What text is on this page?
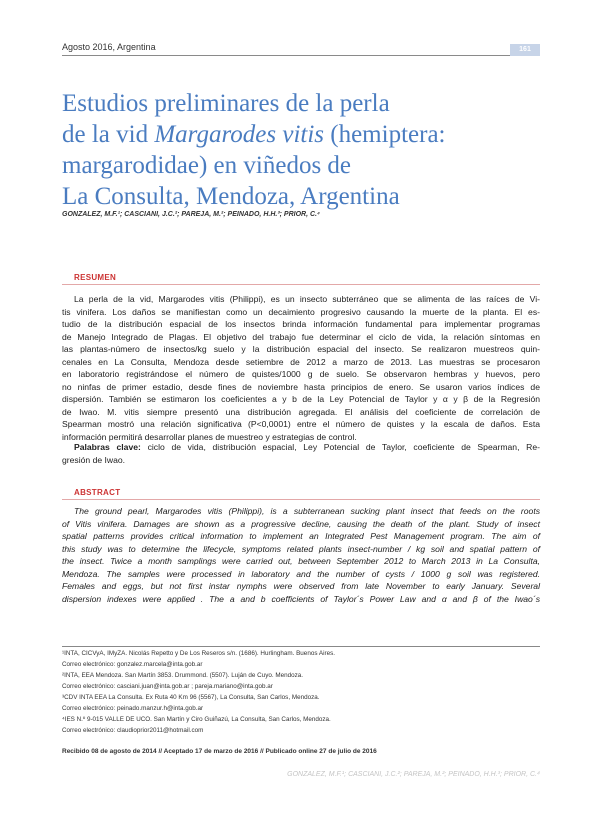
Agosto 2016, Argentina	161
Estudios preliminares de la perla
de la vid Margarodes vitis (hemiptera:
margarodidae) en viñedos de
La Consulta, Mendoza, Argentina
GONZALEZ, M.F.¹; CASCIANI, J.C.²; PAREJA, M.²; PEINADO, H.H.³; PRIOR, C.⁴
RESUMEN
La perla de la vid, Margarodes vitis (Philippi), es un insecto subterráneo que se alimenta de las raíces de Vi-
tis vinifera. Los daños se manifiestan como un decaimiento progresivo causando la muerte de la planta. El es-
tudio de la distribución espacial de los insectos brinda información fundamental para implementar programas
de Manejo Integrado de Plagas. El objetivo del trabajo fue determinar el ciclo de vida, la relación síntomas en
las plantas-número de insectos/kg suelo y la distribución espacial del insecto. Se realizaron muestreos quin-
cenales en La Consulta, Mendoza desde setiembre de 2012 a marzo de 2013. Las muestras se procesaron
en laboratorio registrándose el número de quistes/1000 g de suelo. Se observaron hembras y huevos, pero
no ninfas de primer estadio, desde fines de noviembre hasta principios de enero. Se usaron varios índices de
dispersión. También se estimaron los coeficientes a y b de la Ley Potencial de Taylor y α y β de la Regresión
de Iwao. M. vitis siempre presentó una distribución agregada. El análisis del coeficiente de correlación de
Spearman mostró una relación significativa (P<0,0001) entre el número de quistes y la escala de daños. Esta
información permitirá desarrollar planes de muestreo y estrategias de control.
Palabras clave: ciclo de vida, distribución espacial, Ley Potencial de Taylor, coeficiente de Spearman, Re-
gresión de Iwao.
ABSTRACT
The ground pearl, Margarodes vitis (Philippi), is a subterranean sucking plant insect that feeds on the roots
of Vitis vinifera. Damages are shown as a progressive decline, causing the death of the plant. Study of insect
spatial patterns provides critical information to implement an Integrated Pest Management program. The aim of
this study was to determine the lifecycle, symptoms related plants insect-number / kg soil and spatial pattern of
the insect. Twice a month samplings were carried out, between September 2012 to March 2013 in La Consulta,
Mendoza. The samples were processed in laboratory and the number of cysts / 1000 g soil was registered.
Females and eggs, but not first instar nymphs were observed from late November to early January. Several
dispersion indexes were applied . The a and b coefficients of Taylor´s Power Law and α and β of the Iwao´s
¹INTA, CICVyA, IMyZA. Nicolás Repetto y De Los Reseros s/n. (1686). Hurlingham. Buenos Aires.
Correo electrónico: gonzalez.marcela@inta.gob.ar
²INTA, EEA Mendoza. San Martín 3853. Drummond. (5507). Luján de Cuyo. Mendoza.
Correo electrónico: casciani.juan@inta.gob.ar ; pareja.mariano@inta.gob.ar
³CDV INTA EEA La Consulta. Ex Ruta 40 Km 96 (5567), La Consulta, San Carlos, Mendoza.
Correo electrónico: peinado.manzur.h@inta.gob.ar
⁴IES N.º 9-015 VALLE DE UCO. San Martín y Ciro Guiñazú, La Consulta, San Carlos, Mendoza.
Correo electrónico: claudioprior2011@hotmail.com
Recibido 08 de agosto de 2014 // Aceptado 17 de marzo de 2016 // Publicado online 27 de julio de 2016
GONZALEZ, M.F.¹; CASCIANI, J.C.²; PAREJA, M.²; PEINADO, H.H.³; PRIOR, C.⁴
